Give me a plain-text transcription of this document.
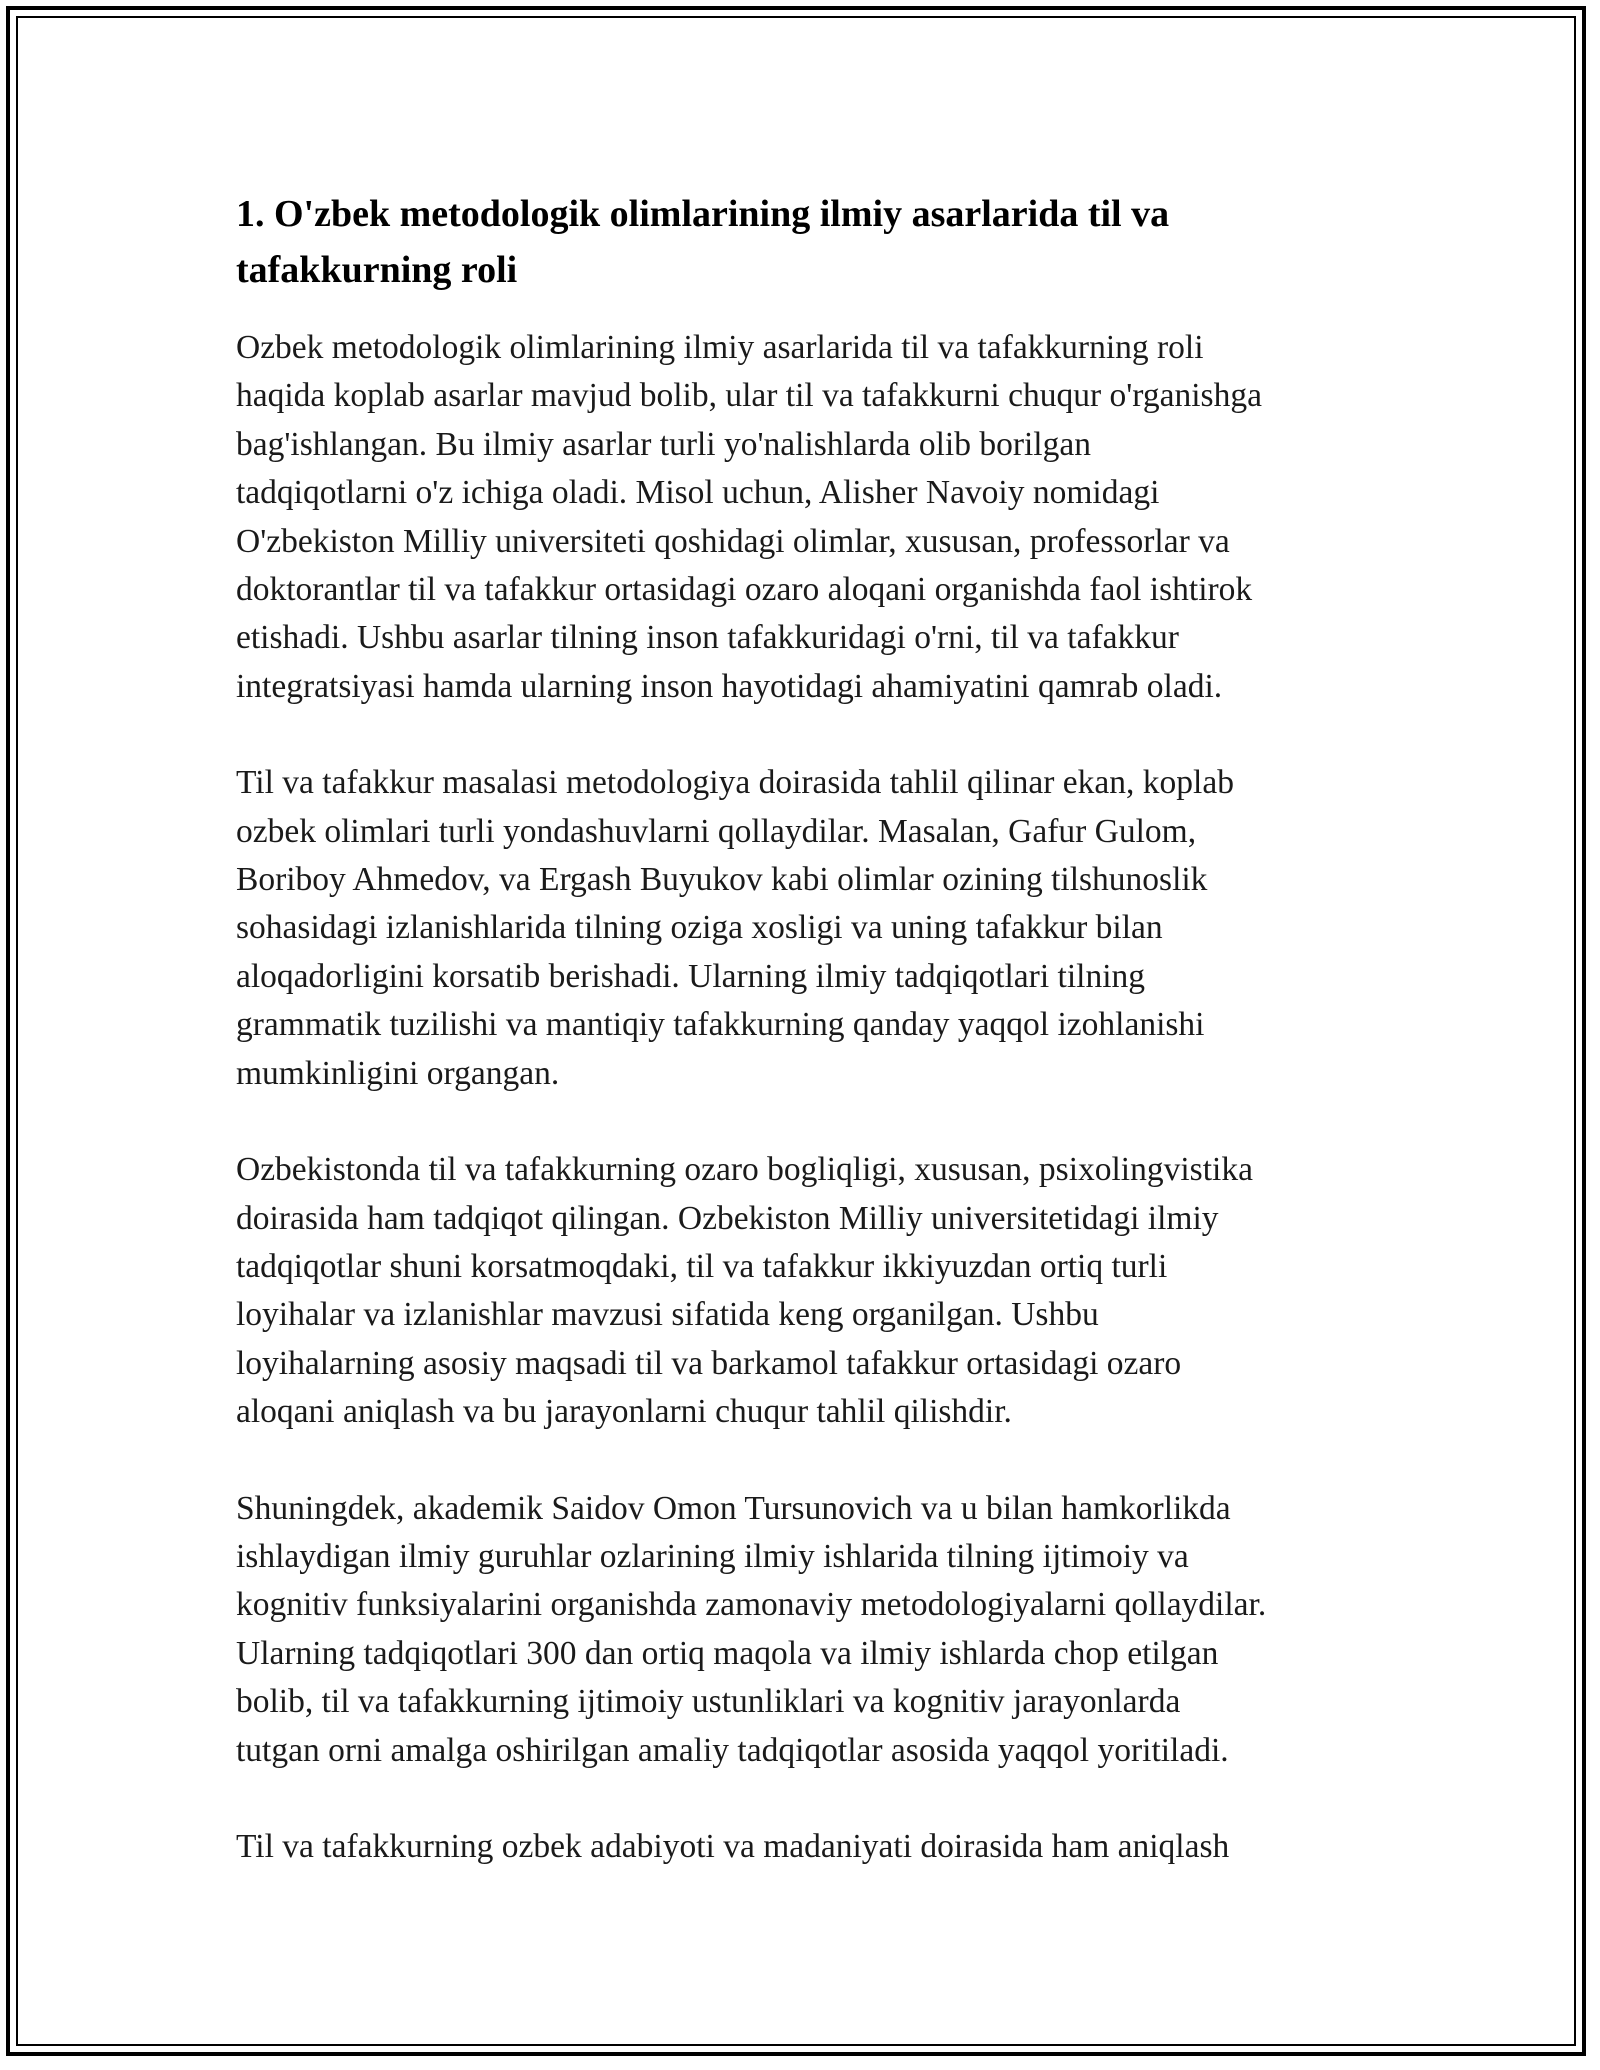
1. O'zbek metodologik olimlarining ilmiy asarlarida til va
tafakkurning roli

Ozbek metodologik olimlarining ilmiy asarlarida til va tafakkurning roli
haqida koplab asarlar mavjud bolib, ular til va tafakkurni chuqur o'rganishga
bag'ishlangan. Bu ilmiy asarlar turli yo'nalishlarda olib borilgan
tadqiqotlarni o'z ichiga oladi. Misol uchun, Alisher Navoiy nomidagi
O'zbekiston Milliy universiteti qoshidagi olimlar, xususan, professorlar va
doktorantlar til va tafakkur ortasidagi ozaro aloqani organishda faol ishtirok
etishadi. Ushbu asarlar tilning inson tafakkuridagi o'rni, til va tafakkur
integratsiyasi hamda ularning inson hayotidagi ahamiyatini qamrab oladi.

Til va tafakkur masalasi metodologiya doirasida tahlil qilinar ekan, koplab
ozbek olimlari turli yondashuvlarni qollaydilar. Masalan, Gafur Gulom,
Boriboy Ahmedov, va Ergash Buyukov kabi olimlar ozining tilshunoslik
sohasidagi izlanishlarida tilning oziga xosligi va uning tafakkur bilan
aloqadorligini korsatib berishadi. Ularning ilmiy tadqiqotlari tilning
grammatik tuzilishi va mantiqiy tafakkurning qanday yaqqol izohlanishi
mumkinligini organgan.

Ozbekistonda til va tafakkurning ozaro bogliqligi, xususan, psixolingvistika
doirasida ham tadqiqot qilingan. Ozbekiston Milliy universitetidagi ilmiy
tadqiqotlar shuni korsatmoqdaki, til va tafakkur ikkiyuzdan ortiq turli
loyihalar va izlanishlar mavzusi sifatida keng organilgan. Ushbu
loyihalarning asosiy maqsadi til va barkamol tafakkur ortasidagi ozaro
aloqani aniqlash va bu jarayonlarni chuqur tahlil qilishdir.

Shuningdek, akademik Saidov Omon Tursunovich va u bilan hamkorlikda
ishlaydigan ilmiy guruhlar ozlarining ilmiy ishlarida tilning ijtimoiy va
kognitiv funksiyalarini organishda zamonaviy metodologiyalarni qollaydilar.
Ularning tadqiqotlari 300 dan ortiq maqola va ilmiy ishlarda chop etilgan
bolib, til va tafakkurning ijtimoiy ustunliklari va kognitiv jarayonlarda
tutgan orni amalga oshirilgan amaliy tadqiqotlar asosida yaqqol yoritiladi.

Til va tafakkurning ozbek adabiyoti va madaniyati doirasida ham aniqlash
